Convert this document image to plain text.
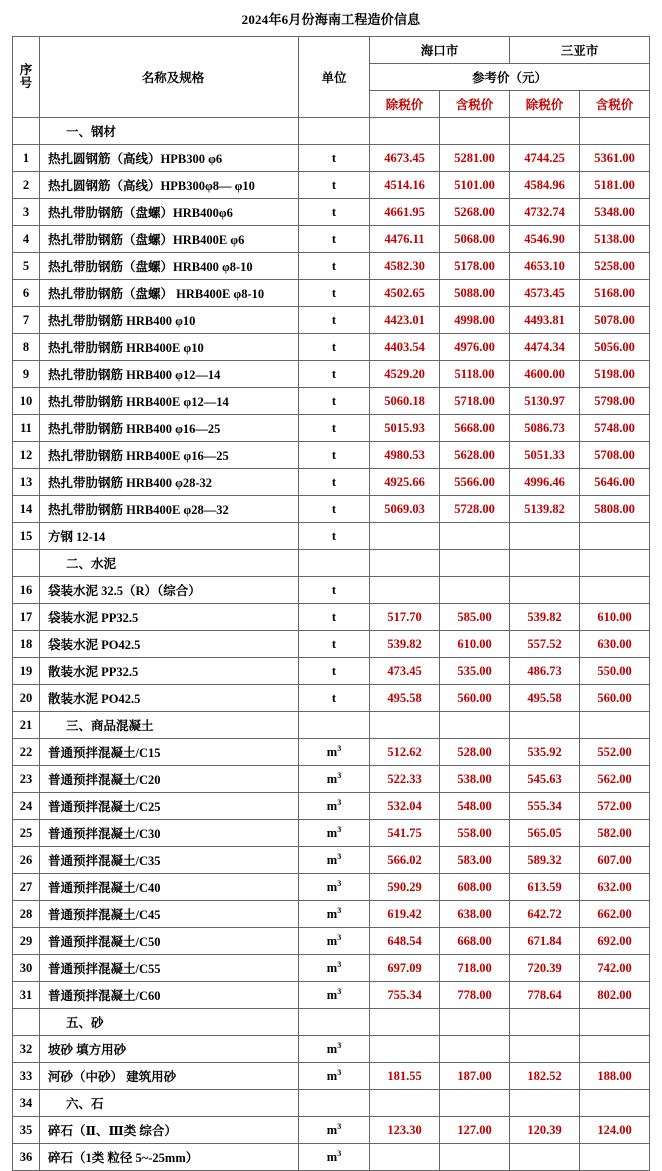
2024年6月份海南工程造价信息
序
号	名称及规格	单位	海口市		三亚市	
			参考价（元）			
			除税价	含税价	除税价	含税价
	一、钢材					
1	热扎圆钢筋（高线）HPB300 φ6	t	4673.45	5281.00	4744.25	5361.00
2	热扎圆钢筋（高线）HPB300φ8— φ10	t	4514.16	5101.00	4584.96	5181.00
3	热扎带肋钢筋（盘螺）HRB400φ6	t	4661.95	5268.00	4732.74	5348.00
4	热扎带肋钢筋（盘螺）HRB400E φ6	t	4476.11	5068.00	4546.90	5138.00
5	热扎带肋钢筋（盘螺）HRB400 φ8-10	t	4582.30	5178.00	4653.10	5258.00
6	热扎带肋钢筋（盘螺） HRB400E φ8-10	t	4502.65	5088.00	4573.45	5168.00
7	热扎带肋钢筋 HRB400 φ10	t	4423.01	4998.00	4493.81	5078.00
8	热扎带肋钢筋 HRB400E φ10	t	4403.54	4976.00	4474.34	5056.00
9	热扎带肋钢筋 HRB400 φ12—14	t	4529.20	5118.00	4600.00	5198.00
10	热扎带肋钢筋 HRB400E φ12—14	t	5060.18	5718.00	5130.97	5798.00
11	热扎带肋钢筋 HRB400 φ16—25	t	5015.93	5668.00	5086.73	5748.00
12	热扎带肋钢筋 HRB400E φ16—25	t	4980.53	5628.00	5051.33	5708.00
13	热扎带肋钢筋 HRB400 φ28-32	t	4925.66	5566.00	4996.46	5646.00
14	热扎带肋钢筋 HRB400E φ28—32	t	5069.03	5728.00	5139.82	5808.00
15	方钢 12-14	t				
	二、水泥					
16	袋装水泥 32.5（R）（综合）	t				
17	袋装水泥 PP32.5	t	517.70	585.00	539.82	610.00
18	袋装水泥 PO42.5	t	539.82	610.00	557.52	630.00
19	散装水泥 PP32.5	t	473.45	535.00	486.73	550.00
20	散装水泥 PO42.5	t	495.58	560.00	495.58	560.00
21	三、商品混凝土					
22	普通预拌混凝土/C15	$m^3$	512.62	528.00	535.92	552.00
23	普通预拌混凝土/C20	$m^3$	522.33	538.00	545.63	562.00
24	普通预拌混凝土/C25	$m^3$	532.04	548.00	555.34	572.00
25	普通预拌混凝土/C30	$m^3$	541.75	558.00	565.05	582.00
26	普通预拌混凝土/C35	$m^3$	566.02	583.00	589.32	607.00
27	普通预拌混凝土/C40	$m^3$	590.29	608.00	613.59	632.00
28	普通预拌混凝土/C45	$m^3$	619.42	638.00	642.72	662.00
29	普通预拌混凝土/C50	$m^3$	648.54	668.00	671.84	692.00
30	普通预拌混凝土/C55	$m^3$	697.09	718.00	720.39	742.00
31	普通预拌混凝土/C60	$m^3$	755.34	778.00	778.64	802.00
	五、砂					
32	坡砂 填方用砂	$m^3$				
33	河砂（中砂） 建筑用砂	$m^3$	181.55	187.00	182.52	188.00
34	六、石					
35	碎石（Ⅱ、Ⅲ类 综合）	$m^3$	123.30	127.00	120.39	124.00
36	碎石（1类 粒径 5~-25mm）	$m^3$				
